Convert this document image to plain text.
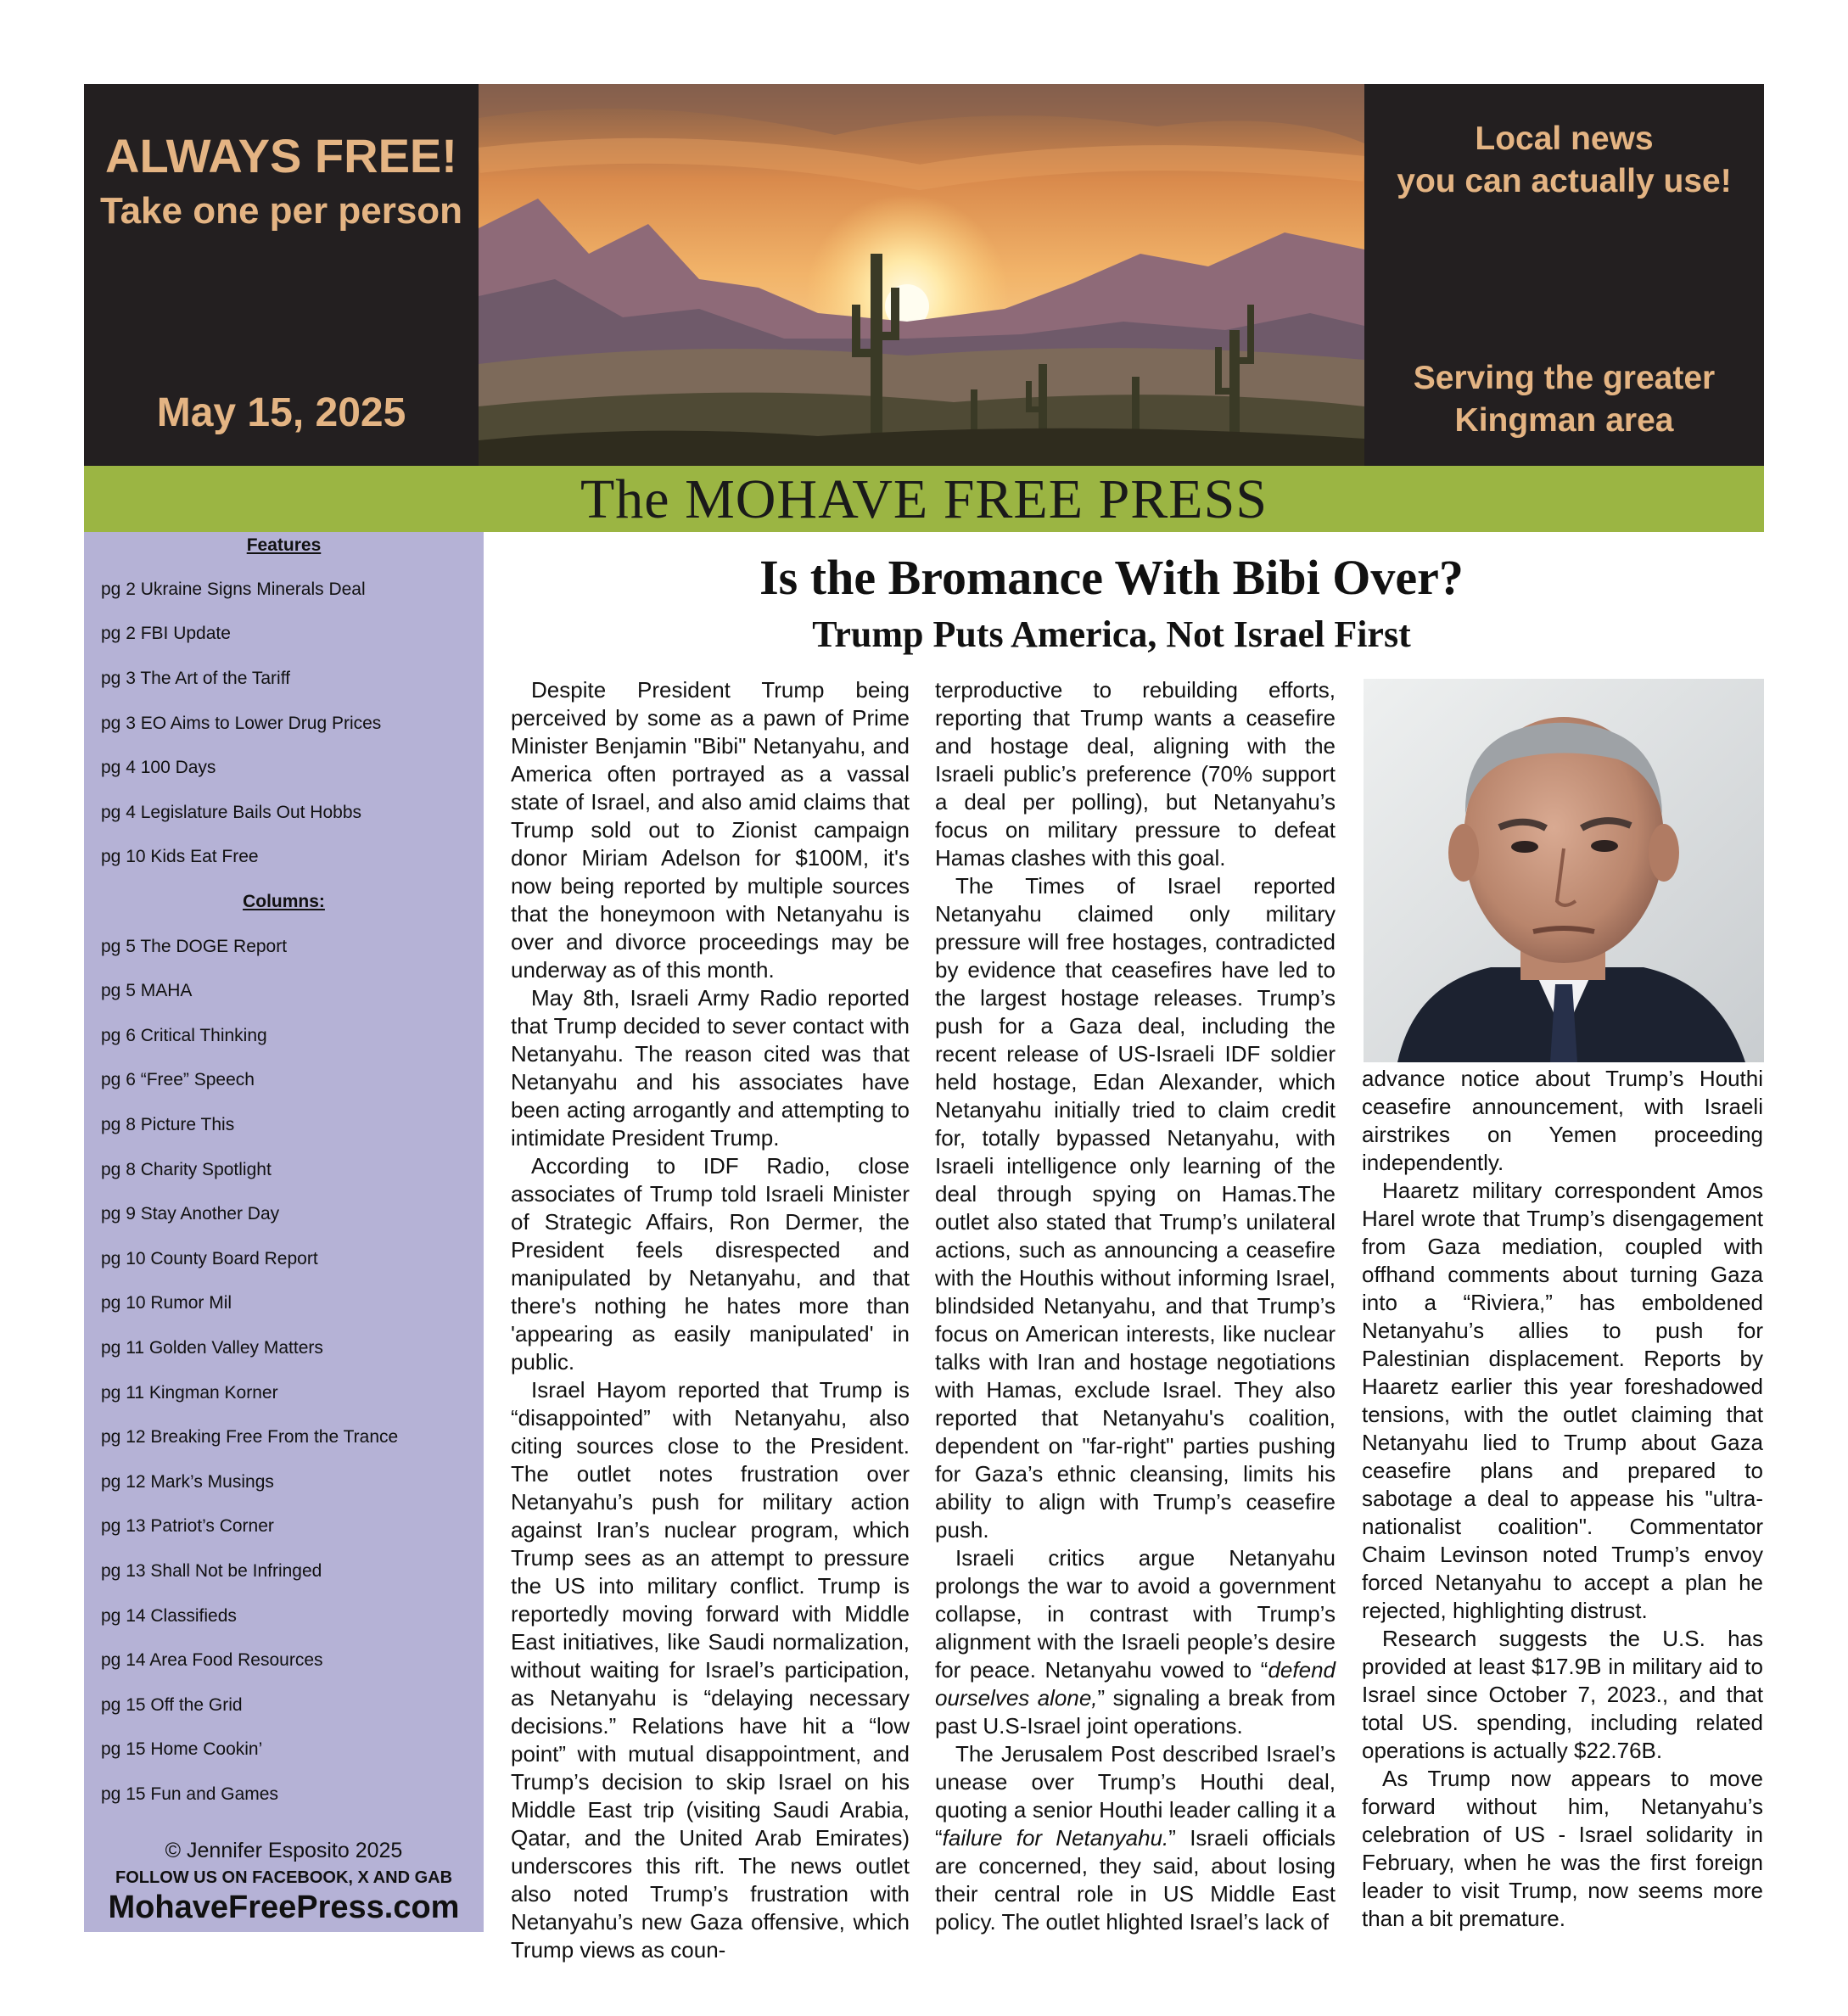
ALWAYS FREE!
Take one per person
May 15, 2025
Local news
you can actually use!
Serving the greater
Kingman area
The MOHAVE FREE PRESS
Features
pg 2 Ukraine Signs Minerals Deal
pg 2 FBI Update
pg 3 The Art of the Tariff
pg 3 EO Aims to Lower Drug Prices
pg 4 100 Days
pg 4 Legislature Bails Out Hobbs
pg 10 Kids Eat Free
Columns:
pg 5 The DOGE Report
pg 5 MAHA
pg 6 Critical Thinking
pg 6 “Free” Speech
pg 8 Picture This
pg 8 Charity Spotlight
pg 9 Stay Another Day
pg 10 County Board Report
pg 10 Rumor Mil
pg 11 Golden Valley Matters
pg 11 Kingman Korner
pg 12 Breaking Free From the Trance
pg 12 Mark’s Musings
pg 13 Patriot’s Corner
pg 13 Shall Not be Infringed
pg 14 Classifieds
pg 14 Area Food Resources
pg 15 Off the Grid
pg 15 Home Cookin’
pg 15 Fun and Games
© Jennifer Esposito 2025
FOLLOW US ON FACEBOOK, X AND GAB
MohaveFreePress.com
Is the Bromance With Bibi Over?
Trump Puts America, Not Israel First

Despite President Trump being perceived by some as a pawn of Prime Minister Benjamin "Bibi" Netanyahu, and America often portrayed as a vassal state of Israel, and also amid claims that Trump sold out to Zionist campaign donor Miriam Adelson for $100M, it's now being reported by multiple sources that the honeymoon with Netanyahu is over and divorce proceedings may be underway as of this month.

May 8th, Israeli Army Radio reported that Trump decided to sever contact with Netanyahu. The reason cited was that Netanyahu and his associates have been acting arrogantly and attempting to intimidate President Trump.

According to IDF Radio, close associates of Trump told Israeli Minister of Strategic Affairs, Ron Dermer, the President feels disrespected and manipulated by Netanyahu, and that there's nothing he hates more than 'appearing as easily manipulated' in public.

Israel Hayom reported that Trump is “disappointed” with Netanyahu, also citing sources close to the President. The outlet notes frustration over Netanyahu’s push for military action against Iran’s nuclear program, which Trump sees as an attempt to pressure the US into military conflict. Trump is reportedly moving forward with Middle East initiatives, like Saudi normalization, without waiting for Israel’s participation, as Netanyahu is “delaying necessary decisions.” Relations have hit a “low point” with mutual disappointment, and Trump’s decision to skip Israel on his Middle East trip (visiting Saudi Arabia, Qatar, and the United Arab Emirates) underscores this rift. The news outlet also noted Trump’s frustration with Netanyahu’s new Gaza offensive, which Trump views as coun-

terproductive to rebuilding efforts, reporting that Trump wants a ceasefire and hostage deal, aligning with the Israeli public’s preference (70% support a deal per polling), but Netanyahu’s focus on military pressure to defeat Hamas clashes with this goal.

The Times of Israel reported Netanyahu claimed only military pressure will free hostages, contradicted by evidence that ceasefires have led to the largest hostage releases. Trump’s push for a Gaza deal, including the recent release of US-Israeli IDF soldier held hostage, Edan Alexander, which Netanyahu initially tried to claim credit for, totally bypassed Netanyahu, with Israeli intelligence only learning of the deal through spying on Hamas.The outlet also stated that Trump’s unilateral actions, such as announcing a ceasefire with the Houthis without informing Israel, blindsided Netanyahu, and that Trump’s focus on American interests, like nuclear talks with Iran and hostage negotiations with Hamas, exclude Israel. They also reported that Netanyahu's coalition, dependent on "far-right" parties pushing for Gaza’s ethnic cleansing, limits his ability to align with Trump’s ceasefire push.

Israeli critics argue Netanyahu prolongs the war to avoid a government collapse, in contrast with Trump’s alignment with the Israeli people’s desire for peace. Netanyahu vowed to “defend ourselves alone,” signaling a break from past U.S-Israel joint operations.

The Jerusalem Post described Israel’s unease over Trump’s Houthi deal, quoting a senior Houthi leader calling it a “failure for Netanyahu.” Israeli officials are concerned, they said, about losing their central role in US Middle East policy. The outlet hlighted Israel’s lack of

advance notice about Trump’s Houthi ceasefire announcement, with Israeli airstrikes on Yemen proceeding independently.

Haaretz military correspondent Amos Harel wrote that Trump’s disengagement from Gaza mediation, coupled with offhand comments about turning Gaza into a “Riviera,” has emboldened Netanyahu’s allies to push for Palestinian displacement. Reports by Haaretz earlier this year foreshadowed tensions, with the outlet claiming that Netanyahu lied to Trump about Gaza ceasefire plans and prepared to sabotage a deal to appease his "ultra-nationalist coalition". Commentator Chaim Levinson noted Trump’s envoy forced Netanyahu to accept a plan he rejected, highlighting distrust.

Research suggests the U.S. has provided at least $17.9B in military aid to Israel since October 7, 2023., and that total US. spending, including related operations is actually $22.76B.

As Trump now appears to move forward without him, Netanyahu’s celebration of US - Israel solidarity in February, when he was the first foreign leader to visit Trump, now seems more than a bit premature.
